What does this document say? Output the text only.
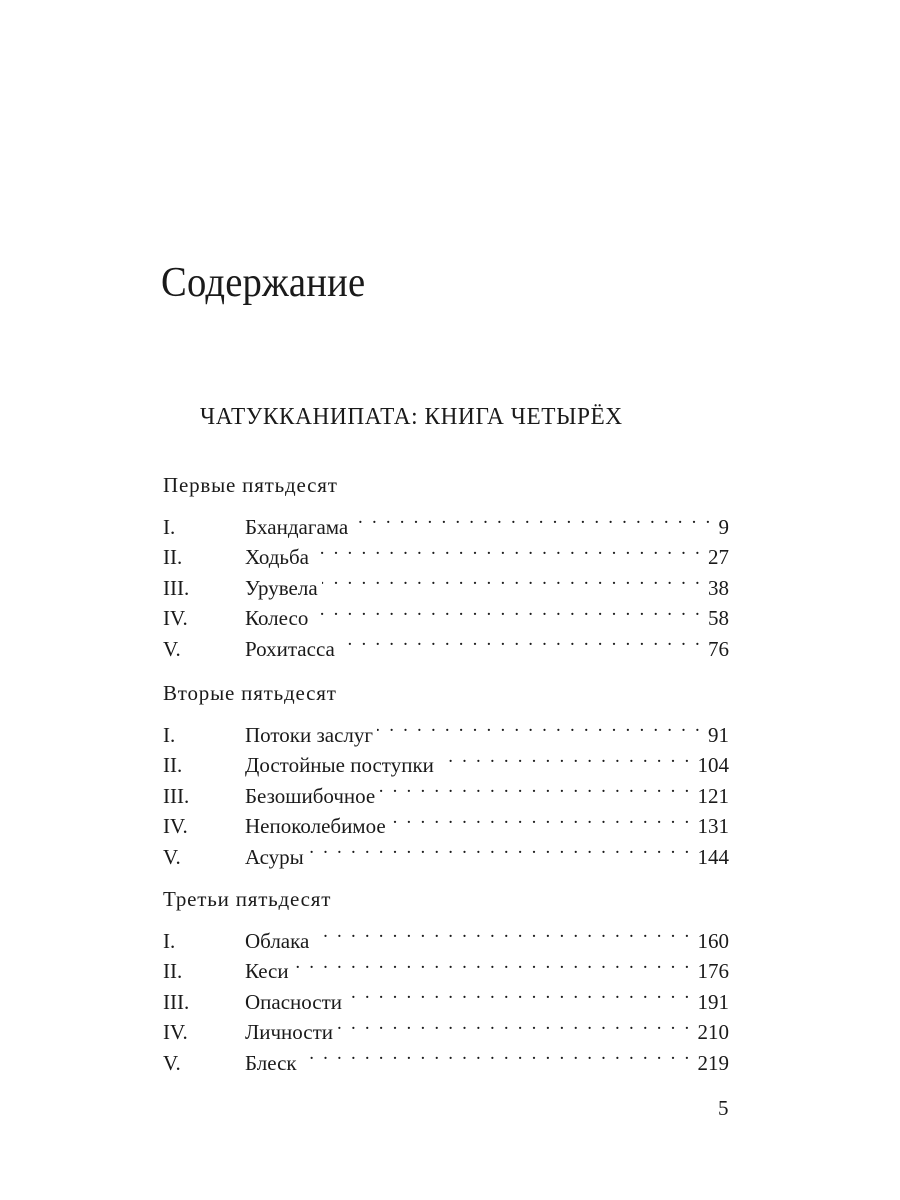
Содержание
ЧАТУККАНИПАТА: КНИГА ЧЕТЫРЁХ
Первые пятьдесят
I.	Бхандагама . . .	9
II.	Ходьба . . .	27
III.	Урувела . . .	38
IV.	Колесо . . .	58
V.	Рохитасса . . .	76
Вторые пятьдесят
I.	Потоки заслуг . . .	91
II.	Достойные поступки . . .	104
III.	Безошибочное . . .	121
IV.	Непоколебимое . . .	131
V.	Асуры . . .	144
Третьи пятьдесят
I.	Облака . . .	160
II.	Кеси . . .	176
III.	Опасности . . .	191
IV.	Личности . . .	210
V.	Блеск . . .	219
5
